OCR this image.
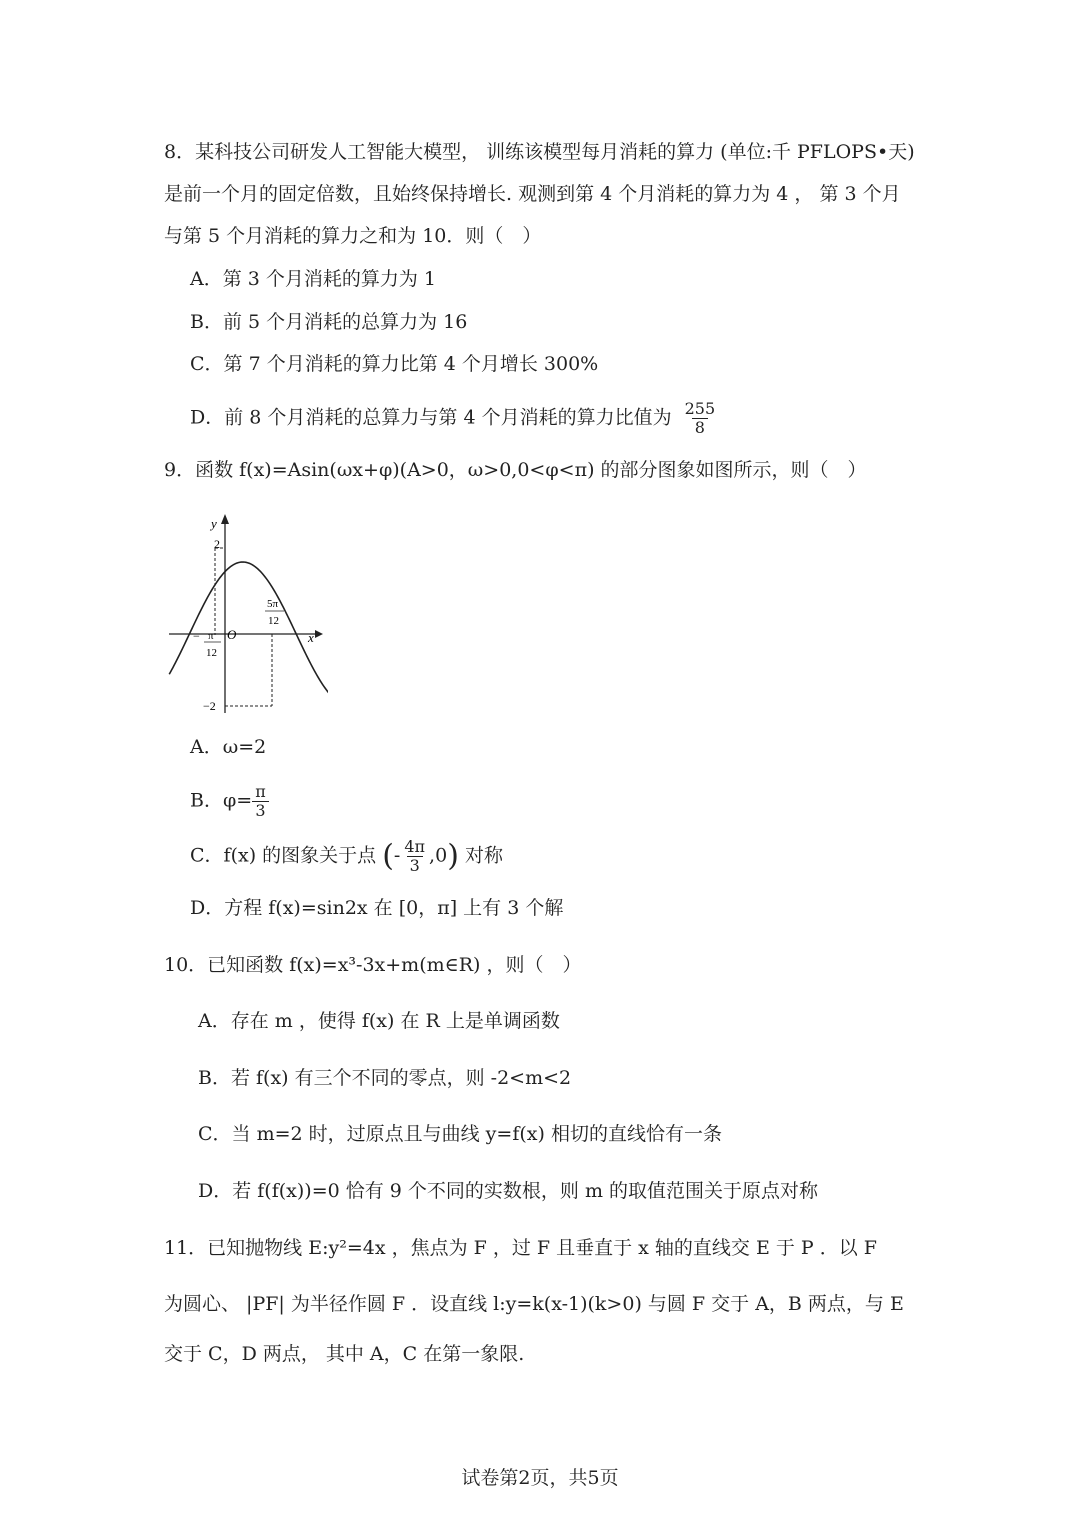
8．某科技公司研发人工智能大模型， 训练该模型每月消耗的算力 (单位:千 PFLOPS•天)
是前一个月的固定倍数，且始终保持增长. 观测到第 4 个月消耗的算力为 4 ， 第 3 个月
与第 5 个月消耗的算力之和为 10．则（　）
A．第 3 个月消耗的算力为 1
B．前 5 个月消耗的总算力为 16
C．第 7 个月消耗的算力比第 4 个月增长 300%
D．前 8 个月消耗的总算力与第 4 个月消耗的算力比值为 $\frac{255}{8}$
9．函数 f(x)=Asin(ωx+φ)(A>0，ω>0,0<φ<π) 的部分图象如图所示，则（　）
y
x
O
2
−2
− π
12
5π
12
A．ω=2
B．$\varphi= \frac{\pi}{3}$
C．f(x) 的图象关于点 (- $\frac{4\pi}{3} ,0$) 对称
D．方程 f(x)=sin2x 在 [0，π] 上有 3 个解
10．已知函数 f(x)=x³-3x+m(m∈R) ，则（　）
A．存在 m ，使得 f(x) 在 R 上是单调函数
B．若 f(x) 有三个不同的零点，则 -2<m<2
C．当 m=2 时，过原点且与曲线 y=f(x) 相切的直线恰有一条
D．若 f(f(x))=0 恰有 9 个不同的实数根，则 m 的取值范围关于原点对称
11．已知抛物线 E:y²=4x ，焦点为 F ，过 F 且垂直于 x 轴的直线交 E 于 P ．以 F
为圆心、 |PF| 为半径作圆 F ．设直线 l:y=k(x-1)(k>0) 与圆 F 交于 A，B 两点，与 E
交于 C，D 两点， 其中 A，C 在第一象限.
试卷第2页，共5页
